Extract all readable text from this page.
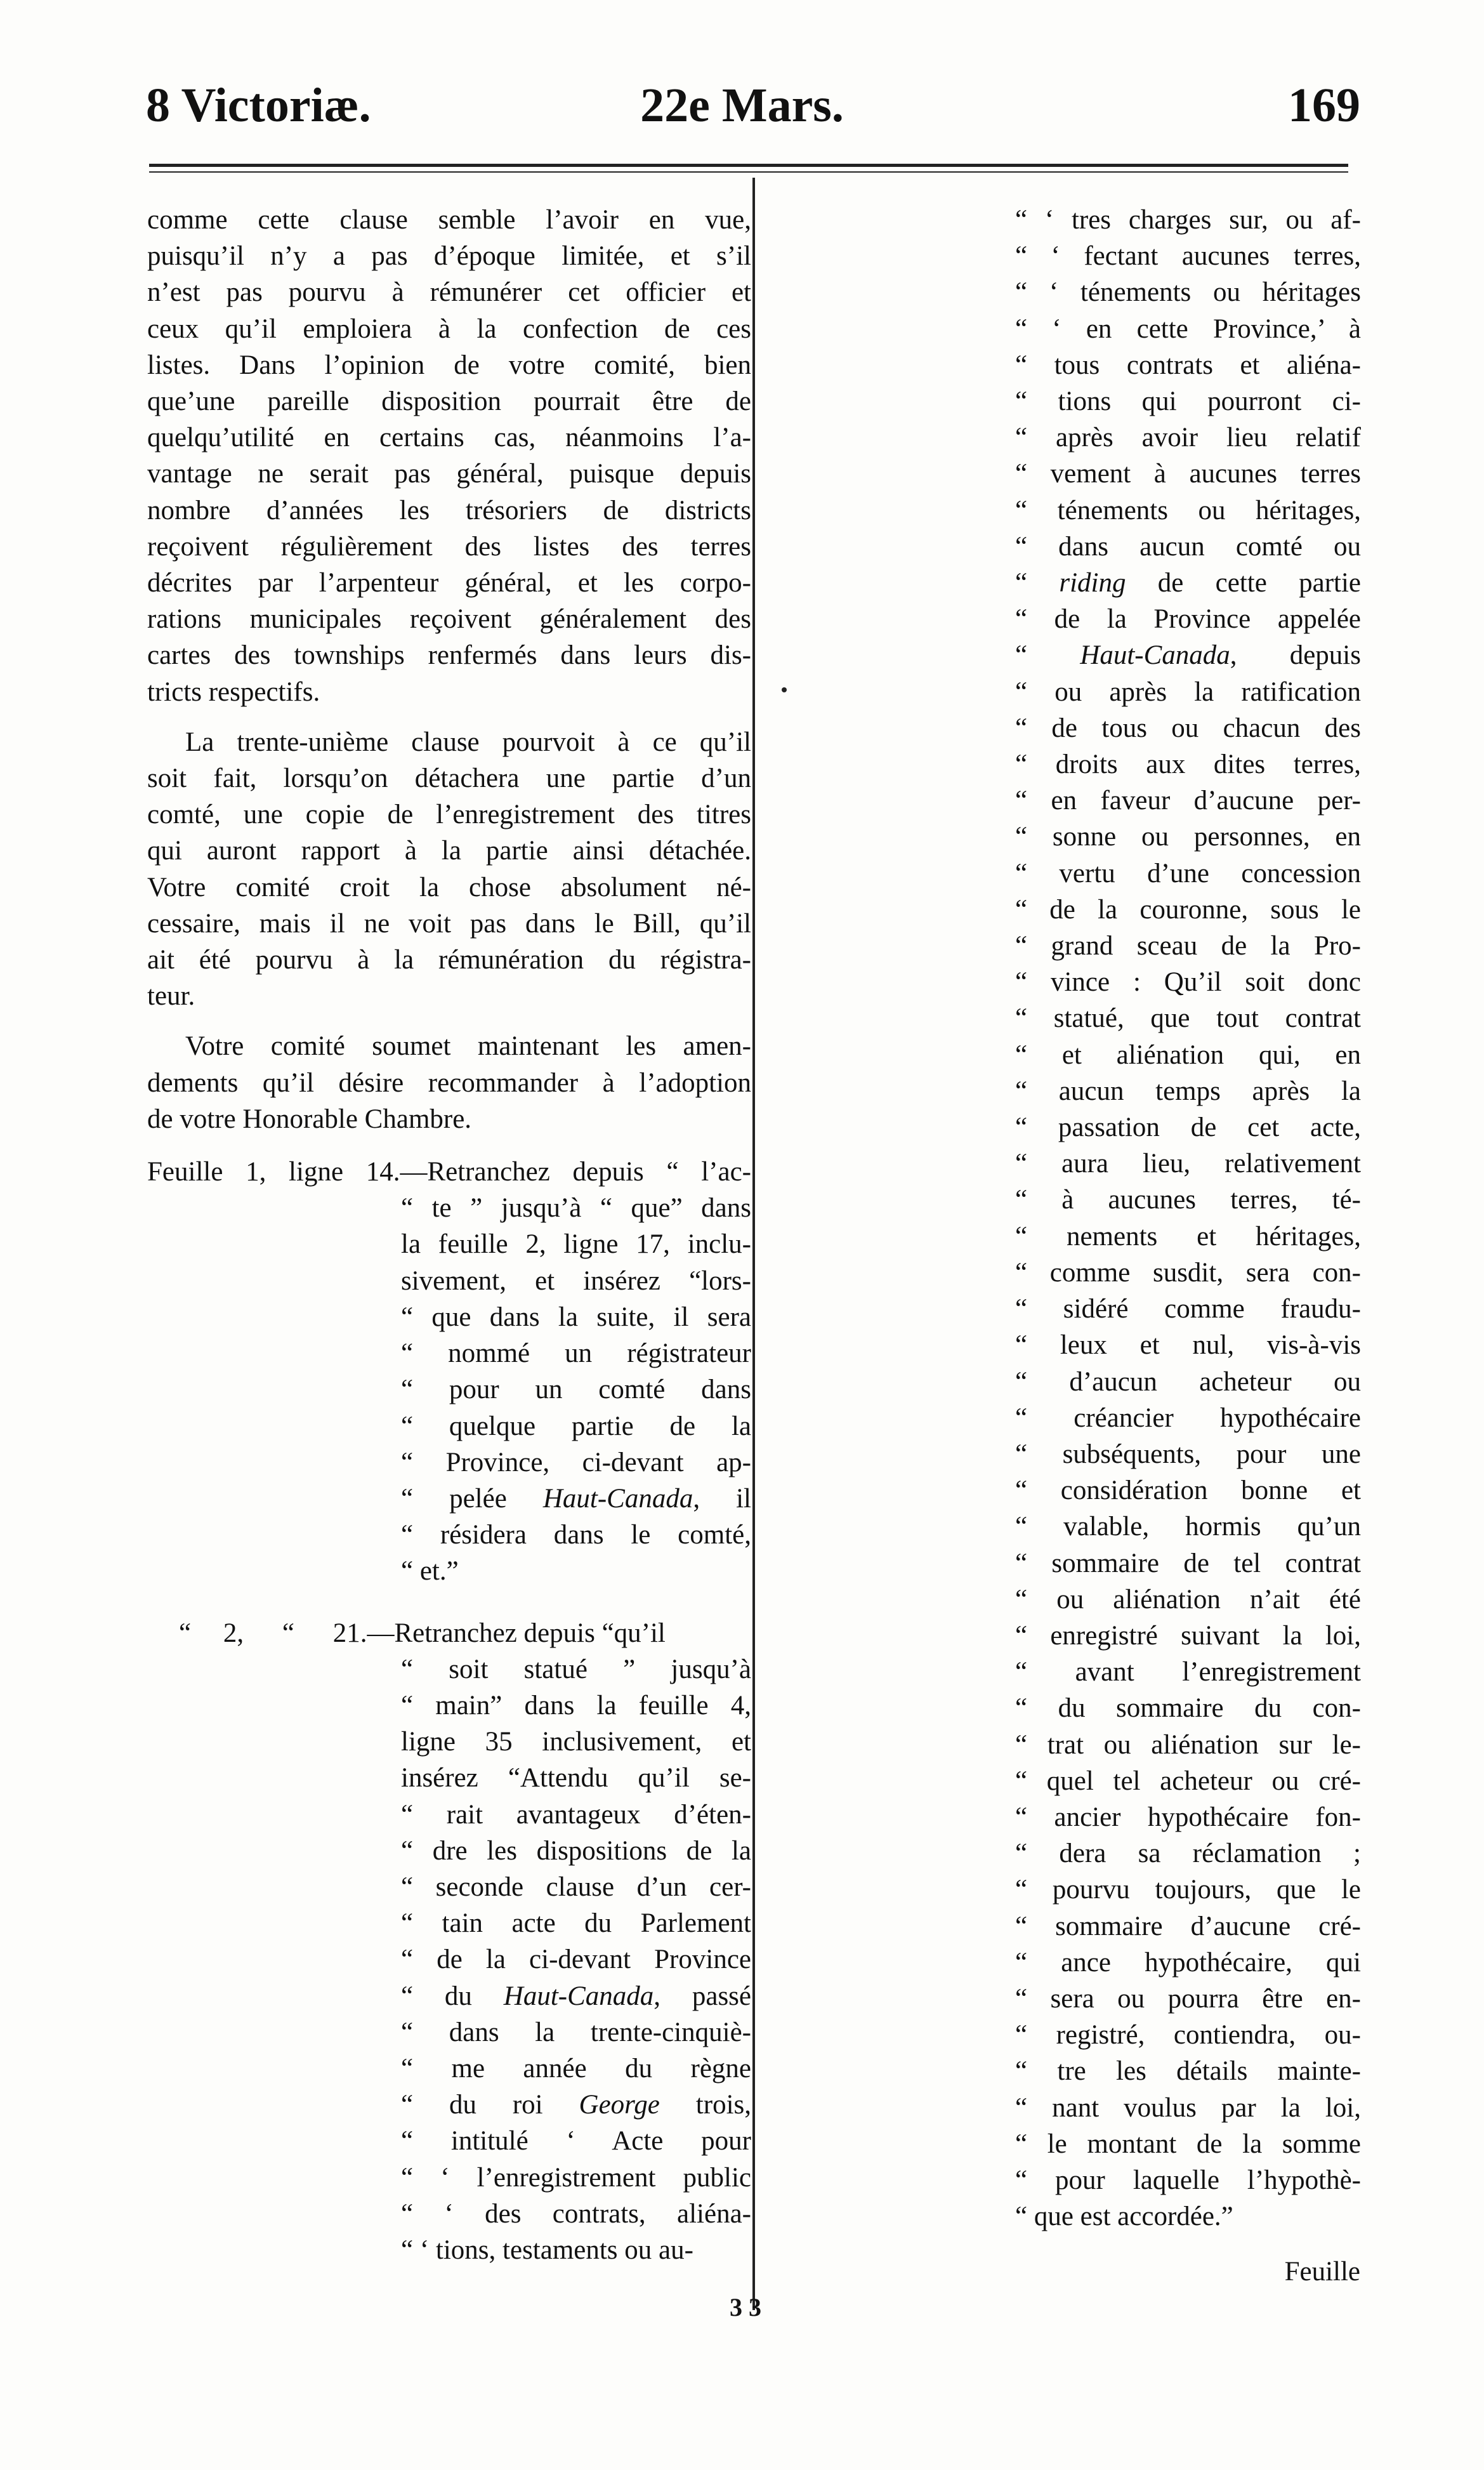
8 Victoriæ.	22e Mars.	169

comme cette clause semble l’avoir en vue,
puisqu’il n’y a pas d’époque limitée, et s’il
n’est pas pourvu à rémunérer cet officier et
ceux qu’il emploiera à la confection de ces
listes. Dans l’opinion de votre comité, bien
que’une pareille disposition pourrait être de
quelqu’utilité en certains cas, néanmoins l’a-
vantage ne serait pas général, puisque depuis
nombre d’années les trésoriers de districts
reçoivent régulièrement des listes des terres
décrites par l’arpenteur général, et les corpo-
rations municipales reçoivent généralement des
cartes des townships renfermés dans leurs dis-
tricts respectifs.

La trente-unième clause pourvoit à ce qu’il
soit fait, lorsqu’on détachera une partie d’un
comté, une copie de l’enregistrement des titres
qui auront rapport à la partie ainsi détachée.
Votre comité croit la chose absolument né-
cessaire, mais il ne voit pas dans le Bill, qu’il
ait été pourvu à la rémunération du régistra-
teur.

Votre comité soumet maintenant les amen-
dements qu’il désire recommander à l’adoption
de votre Honorable Chambre.

Feuille 1, ligne 14.—Retranchez depuis “ l’ac-
“ te ” jusqu’à “ que” dans
la feuille 2, ligne 17, inclu-
sivement, et insérez “lors-
“ que dans la suite, il sera
“ nommé un régistrateur
“ pour un comté dans
“ quelque partie de la
“ Province, ci-devant ap-
“ pelée Haut-Canada, il
“ résidera dans le comté,
“ et.”
“ 2, “ 21.—Retranchez depuis “qu’il
“ soit statué ” jusqu’à
“ main” dans la feuille 4,
ligne 35 inclusivement, et
insérez “Attendu qu’il se-
“ rait avantageux d’éten-
“ dre les dispositions de la
“ seconde clause d’un cer-
“ tain acte du Parlement
“ de la ci-devant Province
“ du Haut-Canada, passé
“ dans la trente-cinquiè-
“ me année du règne
“ du roi George trois,
“ intitulé ‘ Acte pour
“ ‘ l’enregistrement public
“ ‘ des contrats, aliéna-
“ ‘ tions, testaments ou au-
“ ‘ tres charges sur, ou af-
“ ‘ fectant aucunes terres,
“ ‘ ténements ou héritages
“ ‘ en cette Province,’ à
“ tous contrats et aliéna-
“ tions qui pourront ci-
“ après avoir lieu relatif
“ vement à aucunes terres
“ ténements ou héritages,
“ dans aucun comté ou
“ riding de cette partie
“ de la Province appelée
“ Haut-Canada, depuis
“ ou après la ratification
“ de tous ou chacun des
“ droits aux dites terres,
“ en faveur d’aucune per-
“ sonne ou personnes, en
“ vertu d’une concession
“ de la couronne, sous le
“ grand sceau de la Pro-
“ vince : Qu’il soit donc
“ statué, que tout contrat
“ et aliénation qui, en
“ aucun temps après la
“ passation de cet acte,
“ aura lieu, relativement
“ à aucunes terres, té-
“ nements et héritages,
“ comme susdit, sera con-
“ sidéré comme fraudu-
“ leux et nul, vis-à-vis
“ d’aucun acheteur ou
“ créancier hypothécaire
“ subséquents, pour une
“ considération bonne et
“ valable, hormis qu’un
“ sommaire de tel contrat
“ ou aliénation n’ait été
“ enregistré suivant la loi,
“ avant l’enregistrement
“ du sommaire du con-
“ trat ou aliénation sur le-
“ quel tel acheteur ou cré-
“ ancier hypothécaire fon-
“ dera sa réclamation ;
“ pourvu toujours, que le
“ sommaire d’aucune cré-
“ ance hypothécaire, qui
“ sera ou pourra être en-
“ registré, contiendra, ou-
“ tre les détails mainte-
“ nant voulus par la loi,
“ le montant de la somme
“ pour laquelle l’hypothè-
“ que est accordée.”
Feuille
3 3
